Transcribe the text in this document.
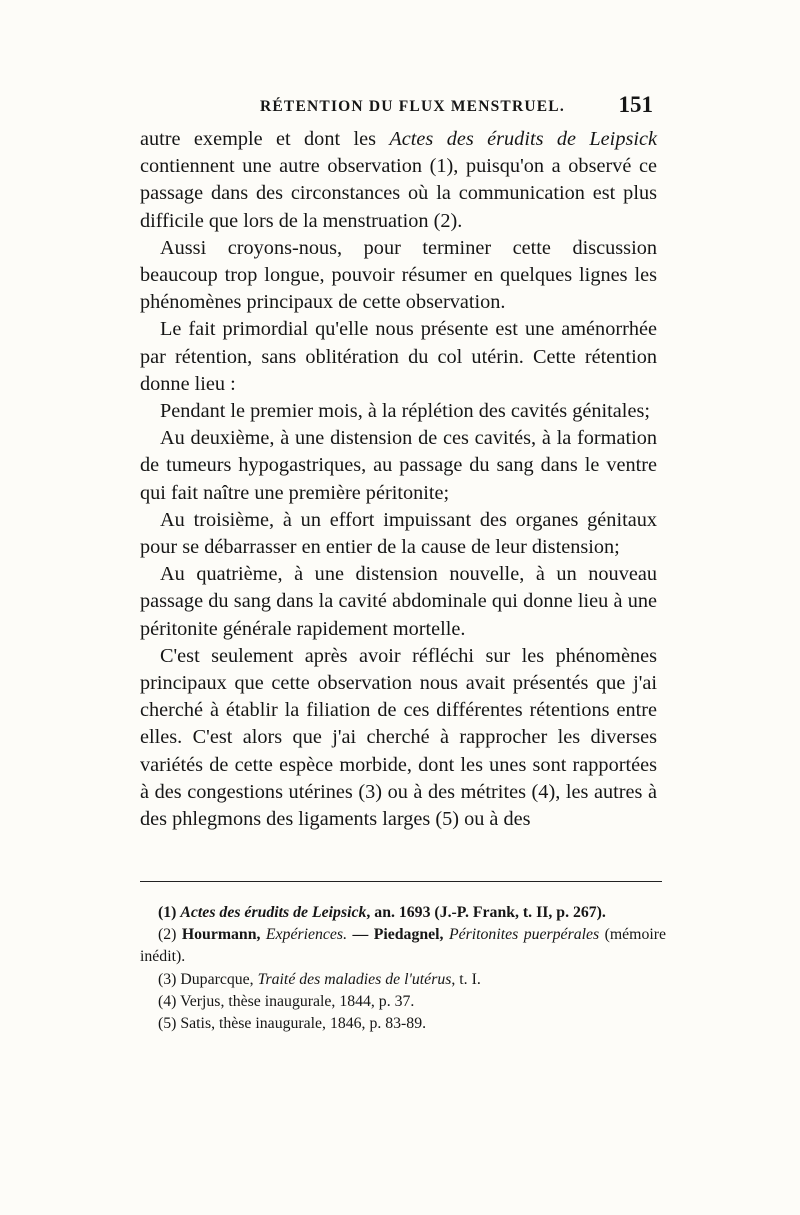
RÉTENTION DU FLUX MENSTRUEL. 151

autre exemple et dont les Actes des érudits de Leipsick contiennent une autre observation (1), puisqu'on a observé ce passage dans des circonstances où la communication est plus difficile que lors de la menstruation (2).

Aussi croyons-nous, pour terminer cette discussion beaucoup trop longue, pouvoir résumer en quelques lignes les phénomènes principaux de cette observation.

Le fait primordial qu'elle nous présente est une aménorrhée par rétention, sans oblitération du col utérin. Cette rétention donne lieu :

Pendant le premier mois, à la réplétion des cavités génitales;

Au deuxième, à une distension de ces cavités, à la formation de tumeurs hypogastriques, au passage du sang dans le ventre qui fait naître une première péritonite;

Au troisième, à un effort impuissant des organes génitaux pour se débarrasser en entier de la cause de leur distension;

Au quatrième, à une distension nouvelle, à un nouveau passage du sang dans la cavité abdominale qui donne lieu à une péritonite générale rapidement mortelle.

C'est seulement après avoir réfléchi sur les phénomènes principaux que cette observation nous avait présentés que j'ai cherché à établir la filiation de ces différentes rétentions entre elles. C'est alors que j'ai cherché à rapprocher les diverses variétés de cette espèce morbide, dont les unes sont rapportées à des congestions utérines (3) ou à des métrites (4), les autres à des phlegmons des ligaments larges (5) ou à des

(1) Actes des érudits de Leipsick, an. 1693 (J.-P. Frank, t. II, p. 267).

(2) Hourmann, Expériences. — Piedagnel, Péritonites puerpérales (mémoire inédit).

(3) Duparcque, Traité des maladies de l'utérus, t. I.

(4) Verjus, thèse inaugurale, 1844, p. 37.

(5) Satis, thèse inaugurale, 1846, p. 83-89.
